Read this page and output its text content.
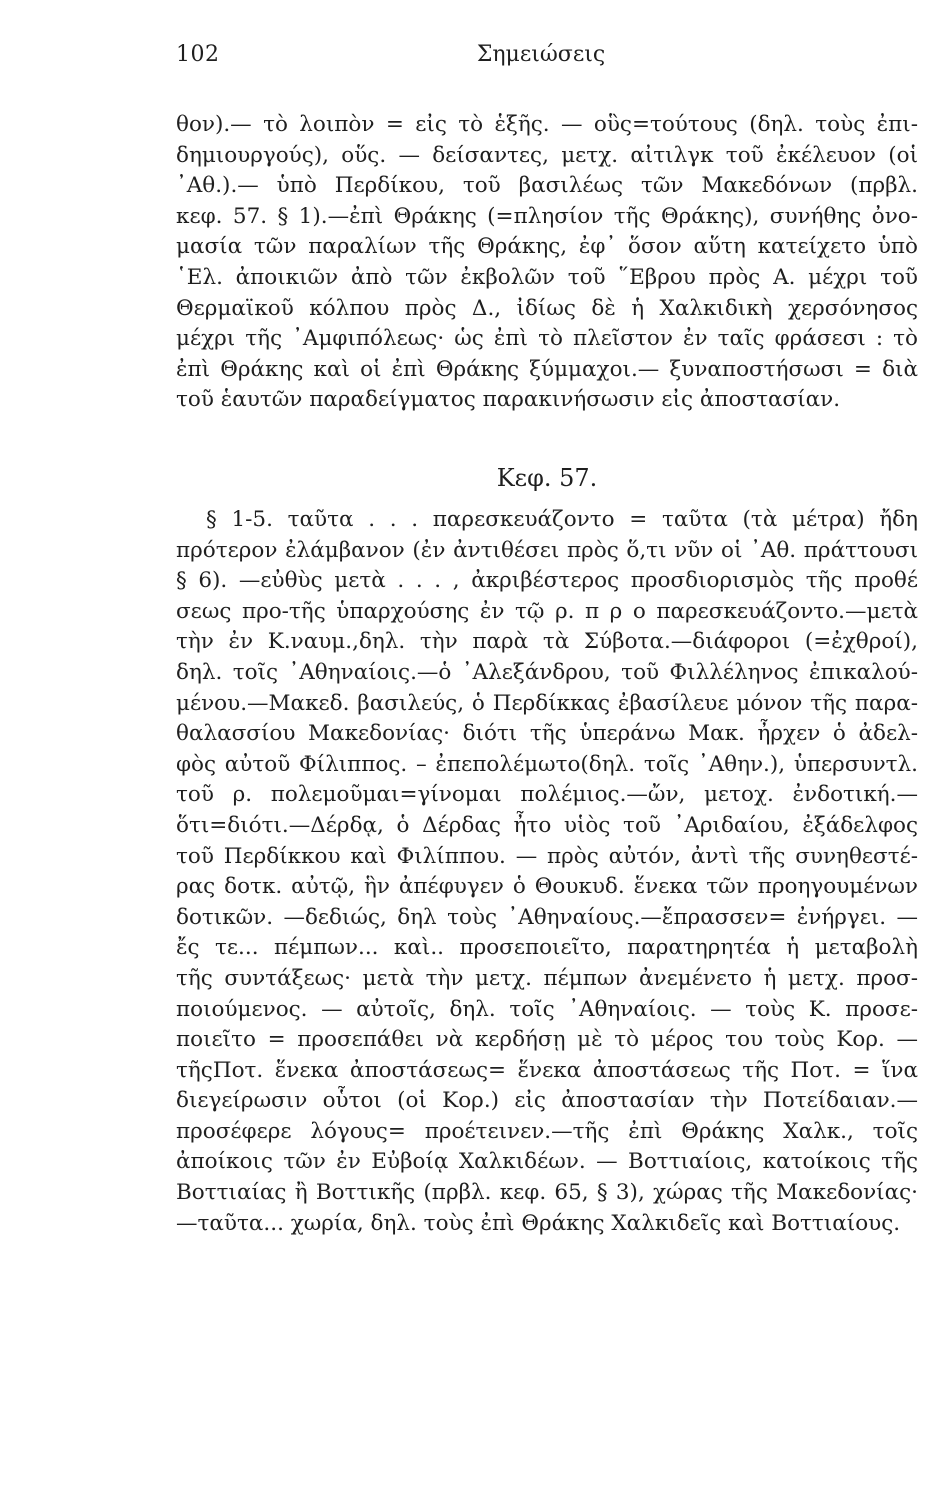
102	Σημειώσεις
θον).— τὸ λοιπὸν = εἰς τὸ ἑξῆς. — οὓς=τούτους (δηλ. τοὺς ἐπι-
δημιουργούς), οὕς. — δείσαντες, μετχ. αἰτιλγκ τοῦ ἐκέλευον (οἱ
᾿Αθ.).— ὑπὸ Περδίκου, τοῦ βασιλέως τῶν Μακεδόνων (πρβλ.
κεφ. 57. § 1).—ἐπὶ Θράκης (=πλησίον τῆς Θράκης), συνήθης ὀνο-
μασία τῶν παραλίων τῆς Θράκης, ἐφ᾿ ὅσον αὕτη κατείχετο ὑπὸ
῾Ελ. ἀποικιῶν ἀπὸ τῶν ἐκβολῶν τοῦ ῞Εβρου πρὸς Α. μέχρι τοῦ
Θερμαϊκοῦ κόλπου πρὸς Δ., ἰδίως δὲ ἡ Χαλκιδικὴ χερσόνησος
μέχρι τῆς ᾿Αμφιπόλεως· ὡς ἐπὶ τὸ πλεῖστον ἐν ταῖς φράσεσι : τὸ
ἐπὶ Θράκης καὶ οἱ ἐπὶ Θράκης ξύμμαχοι.— ξυναποστήσωσι = διὰ
τοῦ ἑαυτῶν παραδείγματος παρακινήσωσιν εἰς ἀποστασίαν.
Κεφ. 57.
§ 1-5. ταῦτα . . . παρεσκευάζοντο = ταῦτα (τὰ μέτρα) ἤδη
πρότερον ἐλάμβανον (ἐν ἀντιθέσει πρὸς ὅ,τι νῦν οἱ ᾿Αθ. πράττουσι
§ 6). —εὐθὺς μετὰ . . . , ἀκριβέστερος προσδιορισμὸς τῆς προθέ
σεως προ-τῆς ὑπαρχούσης ἐν τῷ ρ. π ρ ο παρεσκευάζοντο.—μετὰ
τὴν ἐν Κ.ναυμ.,δηλ. τὴν παρὰ τὰ Σύβοτα.—διάφοροι (=ἐχθροί),
δηλ. τοῖς ᾿Αθηναίοις.—ὁ ᾿Αλεξάνδρου, τοῦ Φιλλέληνος ἐπικαλού-
μένου.—Μακεδ. βασιλεύς, ὁ Περδίκκας ἐβασίλευε μόνον τῆς παρα-
θαλασσίου Μακεδονίας· διότι τῆς ὑπεράνω Μακ. ἦρχεν ὁ ἀδελ-
φὸς αὐτοῦ Φίλιππος. – ἐπεπολέμωτο(δηλ. τοῖς ᾿Αθην.), ὑπερσυντλ.
τοῦ ρ. πολεμοῦμαι=γίνομαι πολέμιος.—ὤν, μετοχ. ἐνδοτική.—
ὅτι=διότι.—Δέρδᾳ, ὁ Δέρδας ἦτο υἱὸς τοῦ ᾿Αριδαίου, ἐξάδελφος
τοῦ Περδίκκου καὶ Φιλίππου. — πρὸς αὐτόν, ἀντὶ τῆς συνηθεστέ-
ρας δοτκ. αὐτῷ, ἣν ἀπέφυγεν ὁ Θουκυδ. ἕνεκα τῶν προηγουμένων
δοτικῶν. —δεδιώς, δηλ τοὺς ᾿Αθηναίους.—ἔπρασσεν= ἐνήργει. —
ἔς τε... πέμπων... καὶ.. προσεποιεῖτο, παρατηρητέα ἡ μεταβολὴ
τῆς συντάξεως· μετὰ τὴν μετχ. πέμπων ἀνεμένετο ἡ μετχ. προσ-
ποιούμενος. — αὐτοῖς, δηλ. τοῖς ᾿Αθηναίοις. — τοὺς Κ. προσε-
ποιεῖτο = προσεπάθει νὰ κερδήσῃ μὲ τὸ μέρος του τοὺς Κορ. —
τῆςΠοτ. ἕνεκα ἀποστάσεως= ἕνεκα ἀποστάσεως τῆς Ποτ. = ἵνα
διεγείρωσιν οὗτοι (οἱ Κορ.) εἰς ἀποστασίαν τὴν Ποτείδαιαν.—
προσέφερε λόγους= προέτεινεν.—τῆς ἐπὶ Θράκης Χαλκ., τοῖς
ἀποίκοις τῶν ἐν Εὐβοίᾳ Χαλκιδέων. — Βοττιαίοις, κατοίκοις τῆς
Βοττιαίας ἢ Βοττικῆς (πρβλ. κεφ. 65, § 3), χώρας τῆς Μακεδονίας·
—ταῦτα... χωρία, δηλ. τοὺς ἐπὶ Θράκης Χαλκιδεῖς καὶ Βοττιαίους.
